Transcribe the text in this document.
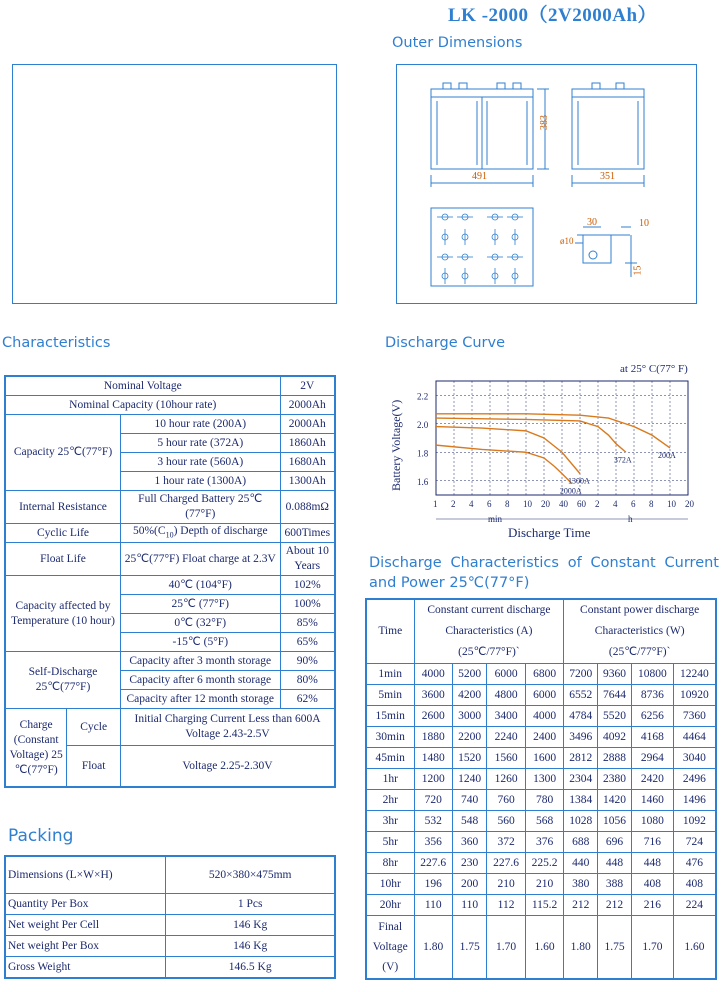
LK -2000（2V2000Ah）
Outer Dimensions
383
491	351
30	10
ø10
15
Characteristics
Nominal Voltage			2V
Nominal Capacity (10hour rate)			2000Ah
Capacity 25℃(77°F)		10 hour rate (200A)	2000Ah
		5 hour rate (372A)	1860Ah
		3 hour rate (560A)	1680Ah
		1 hour rate (1300A)	1300Ah
Internal Resistance		Full Charged Battery 25℃ (77°F)	0.088mΩ
Cyclic Life		$50\%(C_{10})$ Depth of discharge	600Times
Float Life		25℃(77°F) Float charge at 2.3V	About 10 Years
Capacity affected by Temperature (10 hour)		40℃ (104°F)	102%
		25℃ (77°F)	100%
		0℃ (32°F)	85%
		-15℃ (5°F)	65%
Self-Discharge 25℃(77°F)		Capacity after 3 month storage	90%
		Capacity after 6 month storage	80%
		Capacity after 12 month storage	62%
Charge (Constant Voltage) 25 ℃(77°F)	Cycle	Initial Charging Current Less than 600A Voltage 2.43-2.5V	
	Float	Voltage 2.25-2.30V	
Packing
Dimensions (L×W×H)	520×380×475mm
Quantity Per Box	1 Pcs
Net weight Per Cell	146 Kg
Net weight Per Box	146 Kg
Gross Weight	146.5 Kg
Discharge Curve
at 25° C(77° F)
1 2 4 6 8 10 20 40 60 2 4 6 8 10 20
1.6
1.8
2.0
2.2
min	h
2000A
1300A
372A	200A
Battery Voltage(V)
Discharge Time
Discharge Characteristics of Constant Current and Power 25℃(77°F)
Time	Constant current discharge Characteristics (A) (25℃/77°F)`				Constant power discharge Characteristics (W) (25℃/77°F)`			
1min	4000	5200	6000	6800	7200	9360	10800	12240
5min	3600	4200	4800	6000	6552	7644	8736	10920
15min	2600	3000	3400	4000	4784	5520	6256	7360
30min	1880	2200	2240	2400	3496	4092	4168	4464
45min	1480	1520	1560	1600	2812	2888	2964	3040
1hr	1200	1240	1260	1300	2304	2380	2420	2496
2hr	720	740	760	780	1384	1420	1460	1496
3hr	532	548	560	568	1028	1056	1080	1092
5hr	356	360	372	376	688	696	716	724
8hr	227.6	230	227.6	225.2	440	448	448	476
10hr	196	200	210	210	380	388	408	408
20hr	110	110	112	115.2	212	212	216	224
Final Voltage (V)	1.80	1.75	1.70	1.60	1.80	1.75	1.70	1.60
